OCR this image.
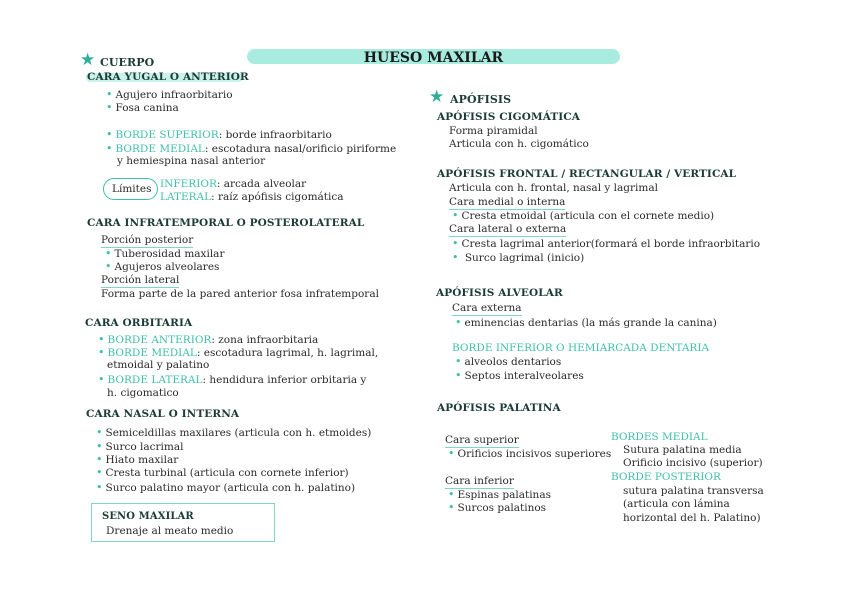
HUESO MAXILAR
★ CUERPO
CARA YUGAL O ANTERIOR
• Agujero infraorbitario
• Fosa canina
• BORDE SUPERIOR: borde infraorbitario
• BORDE MEDIAL: escotadura nasal/orificio piriforme
y hemiespina nasal anterior
Límites INFERIOR: arcada alveolar
LATERAL: raíz apófisis cigomática
CARA INFRATEMPORAL O POSTEROLATERAL
Porción posterior
• Tuberosidad maxilar
• Agujeros alveolares
Porción lateral
Forma parte de la pared anterior fosa infratemporal
CARA ORBITARIA
• BORDE ANTERIOR: zona infraorbitaria
• BORDE MEDIAL: escotadura lagrimal, h. lagrimal,
etmoidal y palatino
• BORDE LATERAL: hendidura inferior orbitaria y
h. cigomatico
CARA NASAL O INTERNA
• Semiceldillas maxilares (articula con h. etmoides)
• Surco lacrimal
• Hiato maxilar
• Cresta turbinal (articula con cornete inferior)
• Surco palatino mayor (articula con h. palatino)
SENO MAXILAR
Drenaje al meato medio
★ APÓFISIS
APÓFISIS CIGOMÁTICA
Forma piramidal
Articula con h. cigomático
APÓFISIS FRONTAL / RECTANGULAR / VERTICAL
Articula con h. frontal, nasal y lagrimal
Cara medial o interna
• Cresta etmoidal (articula con el cornete medio)
Cara lateral o externa
• Cresta lagrimal anterior(formará el borde infraorbitario
• Surco lagrimal (inicio)
APÓFISIS ALVEOLAR
Cara externa
• eminencias dentarias (la más grande la canina)
BORDE INFERIOR O HEMIARCADA DENTARIA
• alveolos dentarios
• Septos interalveolares
APÓFISIS PALATINA
Cara superior
• Orificios incisivos superiores
Cara inferior
• Espinas palatinas
• Surcos palatinos
BORDES MEDIAL
Sutura palatina media
Orificio incisivo (superior)
BORDE POSTERIOR
sutura palatina transversa
(articula con lámina
horizontal del h. Palatino)
